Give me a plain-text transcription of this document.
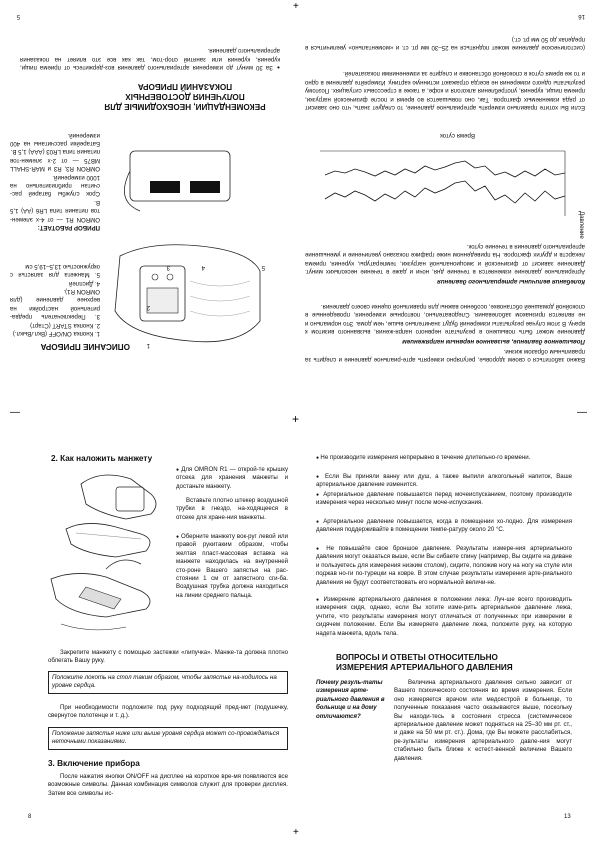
—	—
+
+
+
ОПИСАНИЕ ПРИБОРА
1. Кнопка ON/OFF (Вкл./Выкл.)
2. Кнопка START (Старт)
3. Переключатель предва-рительной настройки на верхнее давление (для OMRON R1).
4. Дисплей
5. Манжета для запястья с окружностью 13,5–19,5 см
1
2
3	4	5
ПРИБОР РАБОТАЕТ:
OMRON R1 — от 4-х элемен-тов питания типа LR6 (АА) 1,5 В.
Срок службы батарей рас-считан приблизительно на 1000 измерений.
OMRON R3, R3 и MAR-SHALL MB75 — от 2-х элемен-тов питания типа LR03 (ААА) 1,5 В.
Батарейки рассчитаны на 400 измерений.
РЕКОМЕНДАЦИИ, НЕОБХОДИМЫЕ ДЛЯ ПОЛУЧЕНИЯ ДОСТОВЕРНЫХ ПОКАЗАНИЙ ПРИБОРА
● За 30 минут до измерения артериального давления воз-держитесь от приема пищи, курения, курения или занятий спор-том, так как все это влияет на показания артериального давления.
5
Важно заботиться о своем здоровье, регулярно измерять арте-риальное давление и следить за правильным образом жизни.
Повышенное давление, вызванное нервным напряжением
Давление может быть повышено в результате нервного напря-жения, вызванного визитом к врачу. В этом случае результаты измерений будут значительно выше, чем дома. Это нормально и не является признаком заболевания. Следовательно, повторные измерения, проведенные в спокойной домашней обстановке, особенно важны для правильной оценки своего давления.
Колебания величины артериального давления
Артериальное давление изменяется в течение дня, ночи и даже в течение нескольких минут. Давление зависит от физической и эмоциональной нагрузки, температуры, курения, приема лекарств и других факторов. На приведенном ниже графике показано увеличение и уменьшение артериального давления в течение суток.
Давление
Время суток
Если Вы хотите правильно измерять артериальное давление, то следует знать, что оно зависит от ряда изменяемых факторов. Так, оно повышается во время и после физической нагрузки, приема пищи, курения, употребления алкоголя и кофе, а также в стрессовых ситуациях. Поэтому результаты одного измерения не всегда отражают истинную картину. Измеряйте давление в одно и то же время суток в спокойной обстановке и следите за изменениями показателей.
(систолическое давление может подняться на 25–30 мм рт. ст. и «моментально» увеличиться в пределах до 50 мм рт. ст.)
16
2. Как наложить манжету
● Для OMRON R1 — открой-те крышку отсека для хранения манжеты и достаньте манжету.
Вставьте плотно штекер воздушной трубки в гнездо, на-ходящееся в отсеке для хране-ния манжеты.
● Оберните манжету вок-руг левой или правой рукитаким образом, чтобы желтая пласт-массовая вставка на манжете находилась на внутренней сто-роне Вашего запястья на рас-стоянии 1 см от запястного сги-ба. Воздушная трубка должна находиться на линии среднего пальца.
Закрепите манжету с помощью застежки «липучка». Манже-та должна плотно облегать Вашу руку.
Положите локоть на стол таким образом, чтобы запястье на-ходилось на уровне сердца.
При необходимости подложите под руку подходящий пред-мет (подушечку, свернутое полотенце и т. д.).
Положение запястья ниже или выше уровня сердца может со-провождаться неточными показаниями.
3. Включение прибора
После нажатия кнопки ON/OFF на дисплее на короткое вре-мя появляются все возможные символы. Данная комбинация символов служит для проверки дисплея. Затем все символы ис-
8
● Не производите измерения непрерывно в течение длительно-го времени.
● Если Вы приняли ванну или душ, а также выпили алкогольный напиток, Ваше артериальное давление изменится.
● Артериальное давление повышается перед мочеиспусканием, поэтому производите измерения через несколько минут после моче-испускания.
● Артериальное давление повышается, когда в помещении хо-лодно. Для измерения давления поддерживайте в помещении темпе-ратуру около 20 °С.
● Не повышайте свое броншое давление. Результаты измере-ния артериального давления могут оказаться выше, если Вы сибаете спину (например, Вы сидите на диване и пользуетесь для измерения низким столом), сидите, положив ногу на ногу на стуле или поджав но-ги по-турецки на ковре. В этом случае результаты измерения арте-риального давления не будут соответствовать его нормальной величи-не.
● Измерение артериального давления в положении лежа: Луч-ше всего производить измерения сидя, однако, если Вы хотите изме-рить артериальное давление лежа, учтите, что результаты измерения могут отличаться от полученных при измерении в сидячем положении. Если Вы измеряете давление лежа, положите руку, на которую надета манжета, вдоль тела.
ВОПРОСЫ И ОТВЕТЫ ОТНОСИТЕЛЬНО ИЗМЕРЕНИЯ АРТЕРИАЛЬНОГО ДАВЛЕНИЯ
Почему резуль-таты измерения арте-риального давления в больнице и на дому отличаются?
Величина артериального давления сильно зависит от Вашего психического состояния во время измерения. Если оно измеряется врачом или медсестрой в больнице, то полученные показания часто оказываются выше, поскольку Вы находи-тесь в состоянии стресса (системическое артериальное давление может подняться на 25–30 мм рт. ст., и даже на 50 мм рт. ст.). Дома, где Вы можете расслабиться, ре-зультаты измерения артериального давле-ния могут стабильно быть ближе к естест-венной величине Вашего давления.
13
